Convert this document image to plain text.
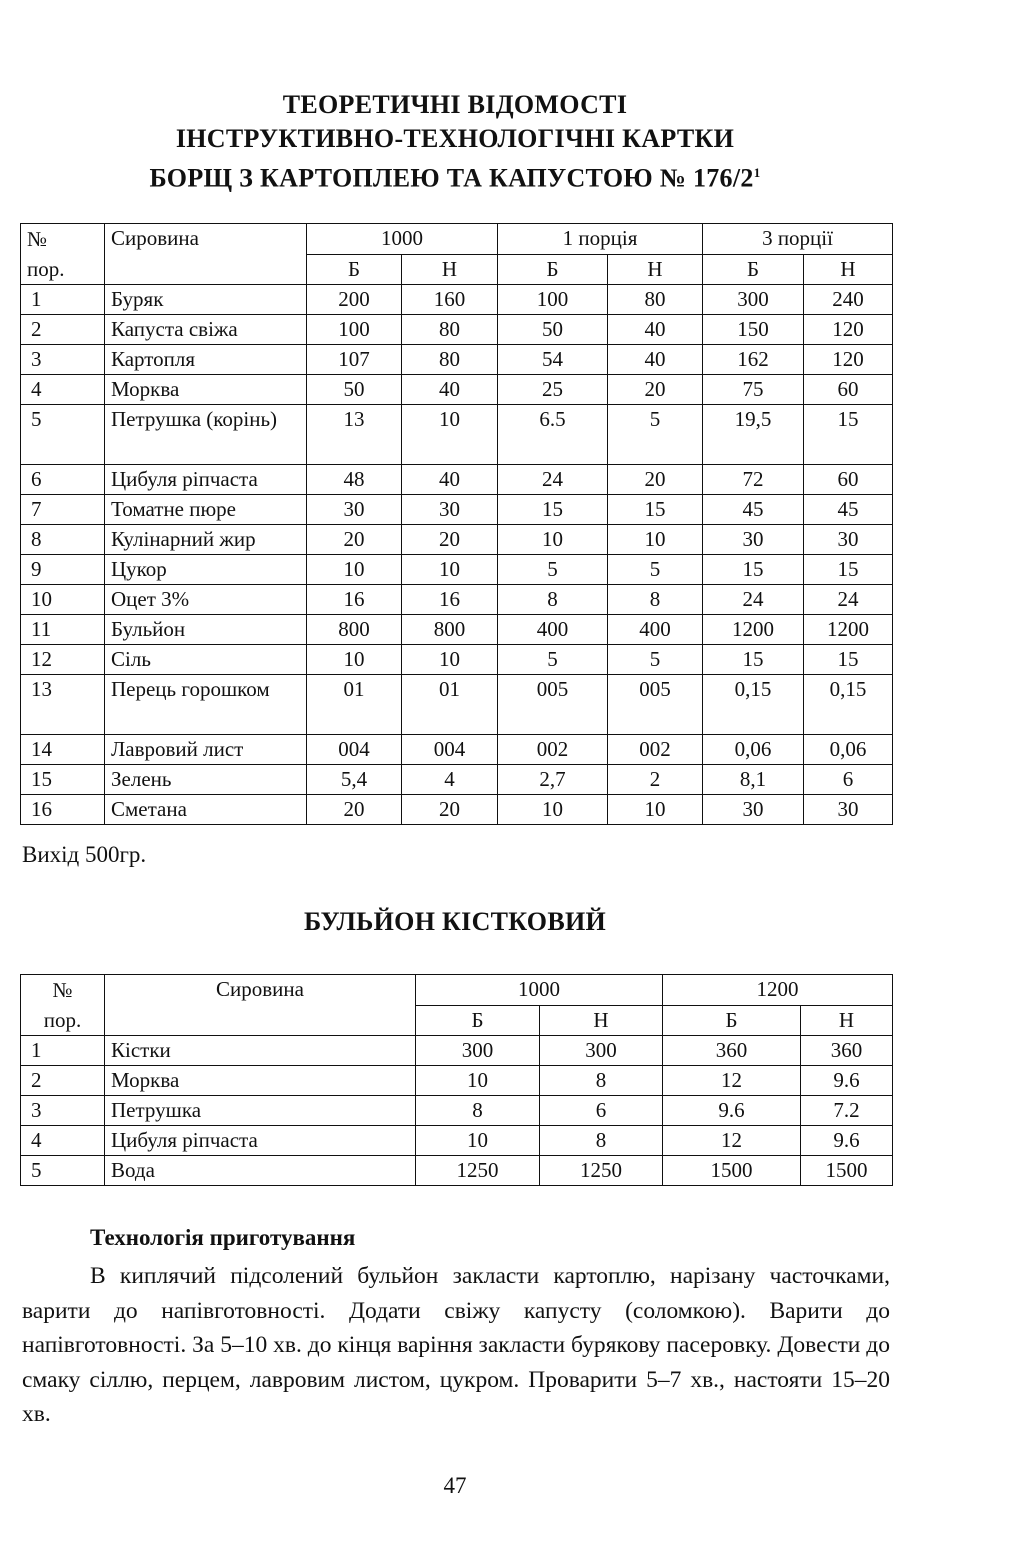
ТЕОРЕТИЧНІ ВІДОМОСТІ
ІНСТРУКТИВНО-ТЕХНОЛОГІЧНІ КАРТКИ
БОРЩ З КАРТОПЛЕЮ ТА КАПУСТОЮ № $176/2^1$
№
пор.	Сировина	1000		1 порція		3 порції	
		Б	Н	Б	Н	Б	Н
1	Буряк	200	160	100	80	300	240
2	Капуста свіжа	100	80	50	40	150	120
3	Картопля	107	80	54	40	162	120
4	Морква	50	40	25	20	75	60
5	Петрушка (корінь)	13	10	6.5	5	19,5	15
6	Цибуля ріпчаста	48	40	24	20	72	60
7	Томатне пюре	30	30	15	15	45	45
8	Кулінарний жир	20	20	10	10	30	30
9	Цукор	10	10	5	5	15	15
10	Оцет 3%	16	16	8	8	24	24
11	Бульйон	800	800	400	400	1200	1200
12	Сіль	10	10	5	5	15	15
13	Перець горошком	01	01	005	005	0,15	0,15
14	Лавровий лист	004	004	002	002	0,06	0,06
15	Зелень	5,4	4	2,7	2	8,1	6
16	Сметана	20	20	10	10	30	30
Вихід 500гр.
БУЛЬЙОН КІСТКОВИЙ
№
пор.	Сировина	1000		1200	
		Б	Н	Б	Н
1	Кістки	300	300	360	360
2	Морква	10	8	12	9.6
3	Петрушка	8	6	9.6	7.2
4	Цибуля ріпчаста	10	8	12	9.6
5	Вода	1250	1250	1500	1500
Технологія приготування
В киплячий підсолений бульйон закласти картоплю, нарізану часточками, варити до напівготовності. Додати свіжу капусту (соломкою). Варити до напівготовності. За 5–10 хв. до кінця варіння закласти бурякову пасеровку. Довести до смаку сіллю, перцем, лавровим листом, цукром. Проварити 5–7 хв., настояти 15–20 хв.
47
